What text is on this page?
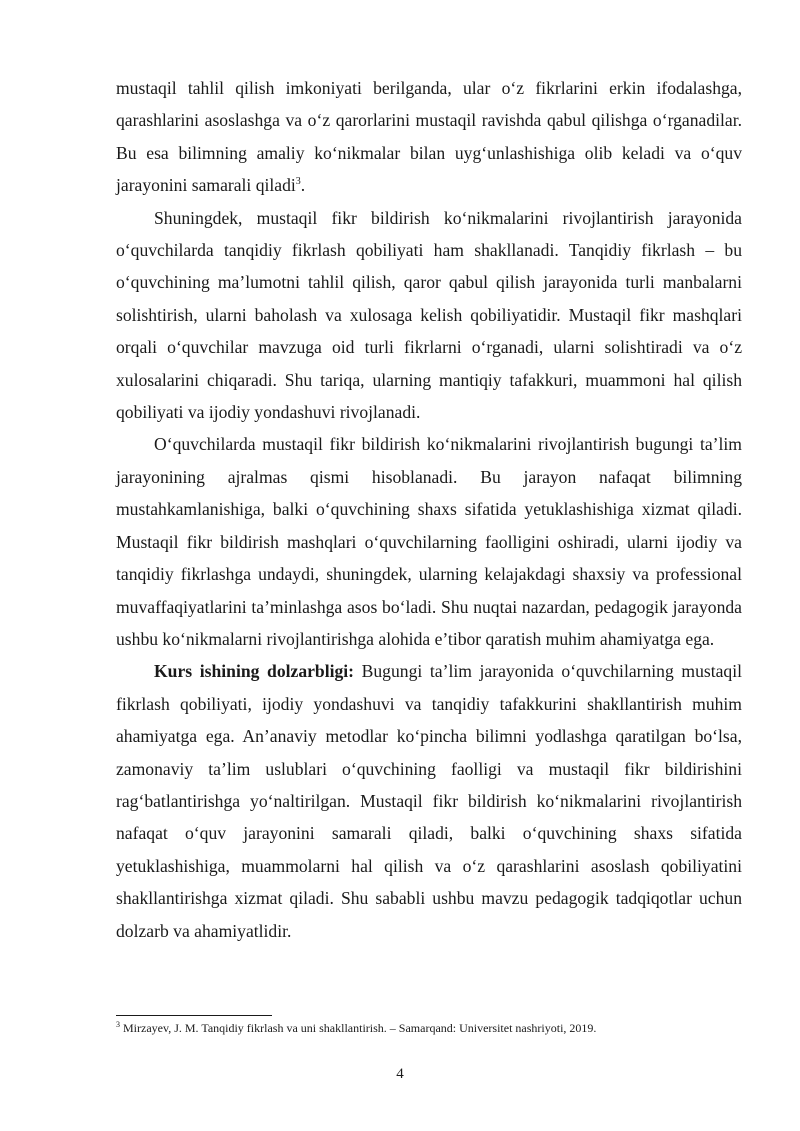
mustaqil tahlil qilish imkoniyati berilganda, ular o‘z fikrlarini erkin ifodalashga, qarashlarini asoslashga va o‘z qarorlarini mustaqil ravishda qabul qilishga o‘rganadilar. Bu esa bilimning amaliy ko‘nikmalar bilan uyg‘unlashishiga olib keladi va o‘quv jarayonini samarali qiladi$^3$.

Shuningdek, mustaqil fikr bildirish ko‘nikmalarini rivojlantirish jarayonida o‘quvchilarda tanqidiy fikrlash qobiliyati ham shakllanadi. Tanqidiy fikrlash – bu o‘quvchining ma’lumotni tahlil qilish, qaror qabul qilish jarayonida turli manbalarni solishtirish, ularni baholash va xulosaga kelish qobiliyatidir. Mustaqil fikr mashqlari orqali o‘quvchilar mavzuga oid turli fikrlarni o‘rganadi, ularni solishtiradi va o‘z xulosalarini chiqaradi. Shu tariqa, ularning mantiqiy tafakkuri, muammoni hal qilish qobiliyati va ijodiy yondashuvi rivojlanadi.

O‘quvchilarda mustaqil fikr bildirish ko‘nikmalarini rivojlantirish bugungi ta’lim jarayonining ajralmas qismi hisoblanadi. Bu jarayon nafaqat bilimning mustahkamlanishiga, balki o‘quvchining shaxs sifatida yetuklashishiga xizmat qiladi. Mustaqil fikr bildirish mashqlari o‘quvchilarning faolligini oshiradi, ularni ijodiy va tanqidiy fikrlashga undaydi, shuningdek, ularning kelajakdagi shaxsiy va professional muvaffaqiyatlarini ta’minlashga asos bo‘ladi. Shu nuqtai nazardan, pedagogik jarayonda ushbu ko‘nikmalarni rivojlantirishga alohida e’tibor qaratish muhim ahamiyatga ega.

Kurs ishining dolzarbligi: Bugungi ta’lim jarayonida o‘quvchilarning mustaqil fikrlash qobiliyati, ijodiy yondashuvi va tanqidiy tafakkurini shakllantirish muhim ahamiyatga ega. An’anaviy metodlar ko‘pincha bilimni yodlashga qaratilgan bo‘lsa, zamonaviy ta’lim uslublari o‘quvchining faolligi va mustaqil fikr bildirishini rag‘batlantirishga yo‘naltirilgan. Mustaqil fikr bildirish ko‘nikmalarini rivojlantirish nafaqat o‘quv jarayonini samarali qiladi, balki o‘quvchining shaxs sifatida yetuklashishiga, muammolarni hal qilish va o‘z qarashlarini asoslash qobiliyatini shakllantirishga xizmat qiladi. Shu sababli ushbu mavzu pedagogik tadqiqotlar uchun dolzarb va ahamiyatlidir.

$^3$ Mirzayev, J. M. Tanqidiy fikrlash va uni shakllantirish. – Samarqand: Universitet nashriyoti, 2019.
4
